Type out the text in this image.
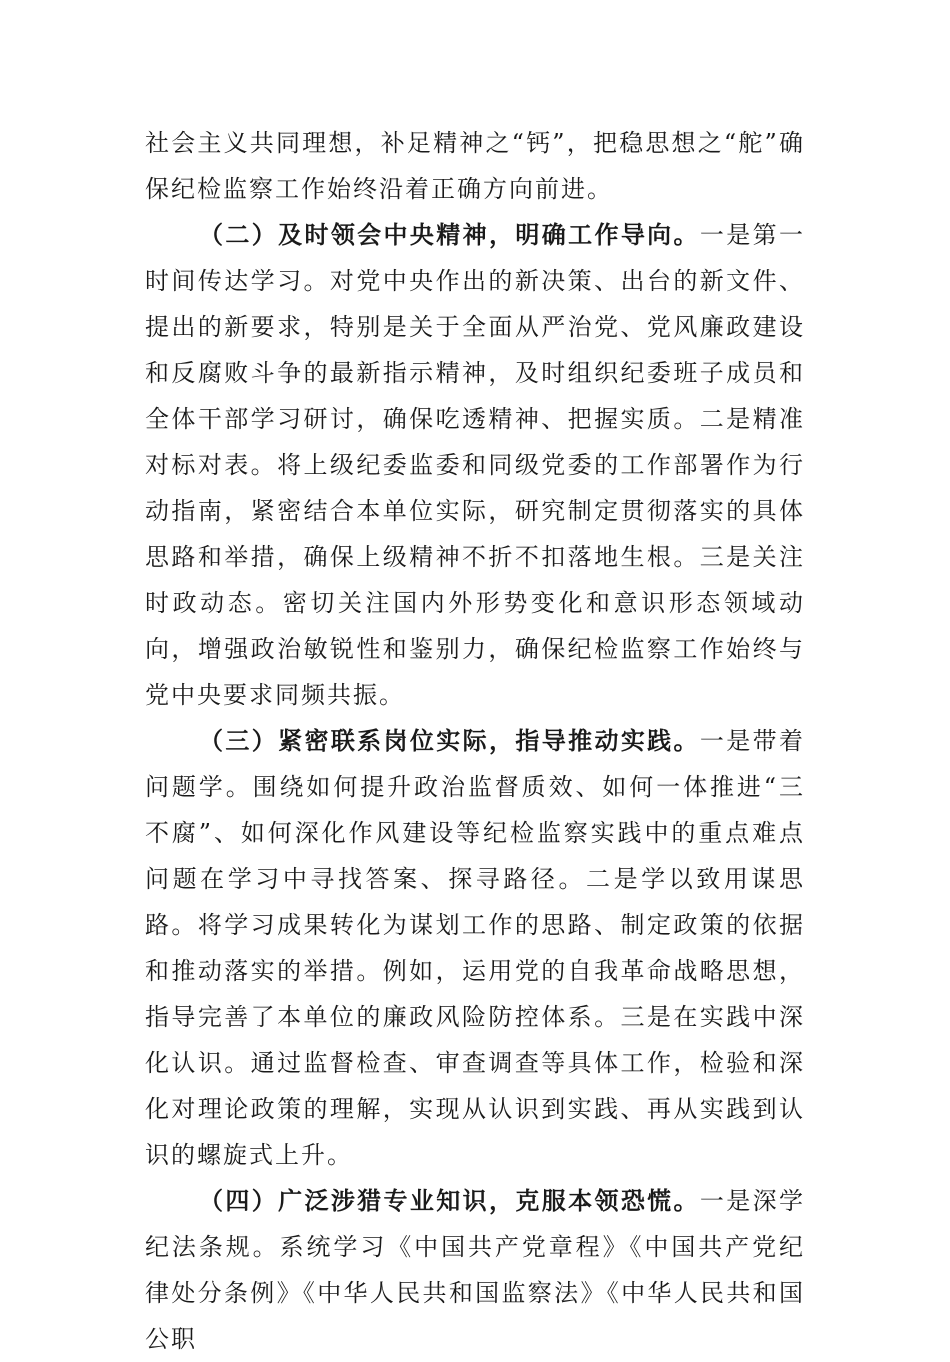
社会主义共同理想，补足精神之“钙”，把稳思想之“舵”确保纪检监察工作始终沿着正确方向前进。

（二）及时领会中央精神，明确工作导向。一是第一时间传达学习。对党中央作出的新决策、出台的新文件、提出的新要求，特别是关于全面从严治党、党风廉政建设和反腐败斗争的最新指示精神，及时组织纪委班子成员和全体干部学习研讨，确保吃透精神、把握实质。二是精准对标对表。将上级纪委监委和同级党委的工作部署作为行动指南，紧密结合本单位实际，研究制定贯彻落实的具体思路和举措，确保上级精神不折不扣落地生根。三是关注时政动态。密切关注国内外形势变化和意识形态领域动向，增强政治敏锐性和鉴别力，确保纪检监察工作始终与党中央要求同频共振。

（三）紧密联系岗位实际，指导推动实践。一是带着问题学。围绕如何提升政治监督质效、如何一体推进“三不腐”、如何深化作风建设等纪检监察实践中的重点难点问题在学习中寻找答案、探寻路径。二是学以致用谋思路。将学习成果转化为谋划工作的思路、制定政策的依据和推动落实的举措。例如，运用党的自我革命战略思想，指导完善了本单位的廉政风险防控体系。三是在实践中深化认识。通过监督检查、审查调查等具体工作，检验和深化对理论政策的理解，实现从认识到实践、再从实践到认识的螺旋式上升。

（四）广泛涉猎专业知识，克服本领恐慌。一是深学纪法条规。系统学习《中国共产党章程》《中国共产党纪律处分条例》《中华人民共和国监察法》《中华人民共和国公职
